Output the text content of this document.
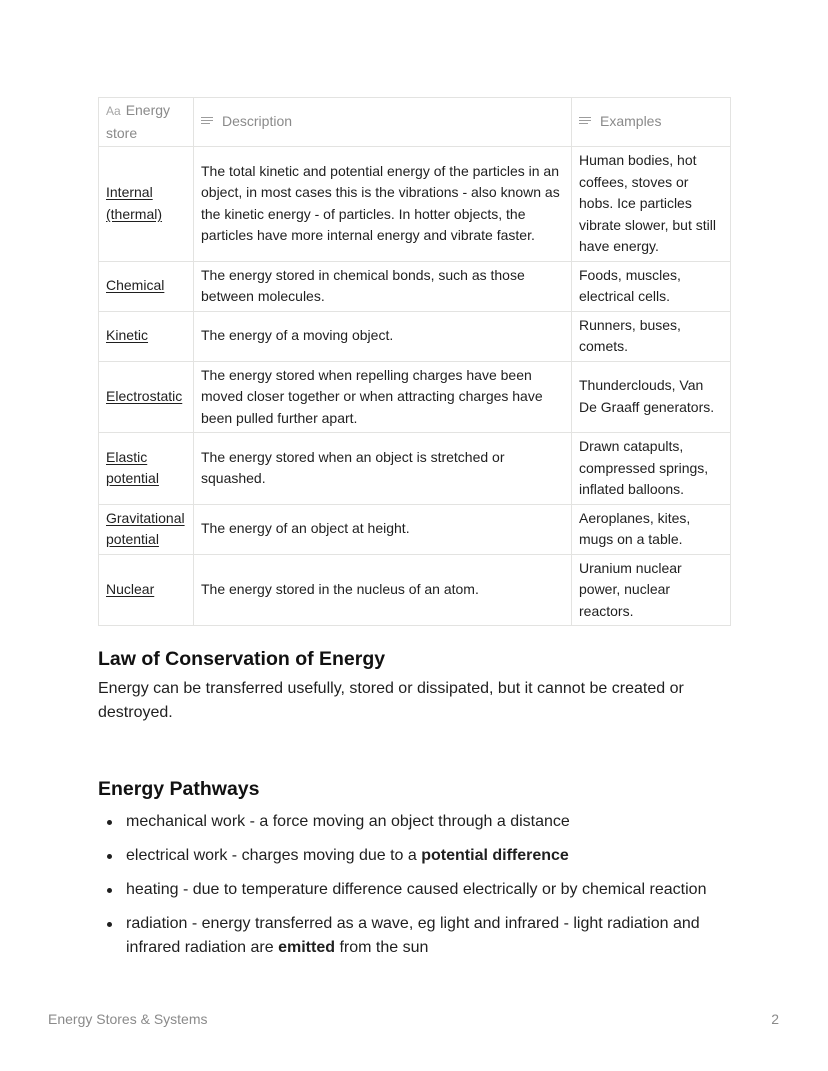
Aa Energy store	Description	Examples
Internal (thermal)	The total kinetic and potential energy of the particles in an object, in most cases this is the vibrations - also known as the kinetic energy - of particles. In hotter objects, the particles have more internal energy and vibrate faster.	Human bodies, hot coffees, stoves or hobs. Ice particles vibrate slower, but still have energy.
Chemical	The energy stored in chemical bonds, such as those between molecules.	Foods, muscles, electrical cells.
Kinetic	The energy of a moving object.	Runners, buses, comets.
Electrostatic	The energy stored when repelling charges have been moved closer together or when attracting charges have been pulled further apart.	Thunderclouds, Van De Graaff generators.
Elastic potential	The energy stored when an object is stretched or squashed.	Drawn catapults, compressed springs, inflated balloons.
Gravitational potential	The energy of an object at height.	Aeroplanes, kites, mugs on a table.
Nuclear	The energy stored in the nucleus of an atom.	Uranium nuclear power, nuclear reactors.
Law of Conservation of Energy

Energy can be transferred usefully, stored or dissipated, but it cannot be created or destroyed.

Energy Pathways
mechanical work - a force moving an object through a distance
electrical work - charges moving due to a potential difference
heating - due to temperature difference caused electrically or by chemical reaction
radiation - energy transferred as a wave, eg light and infrared - light radiation and infrared radiation are emitted from the sun
Energy Stores & Systems	2
